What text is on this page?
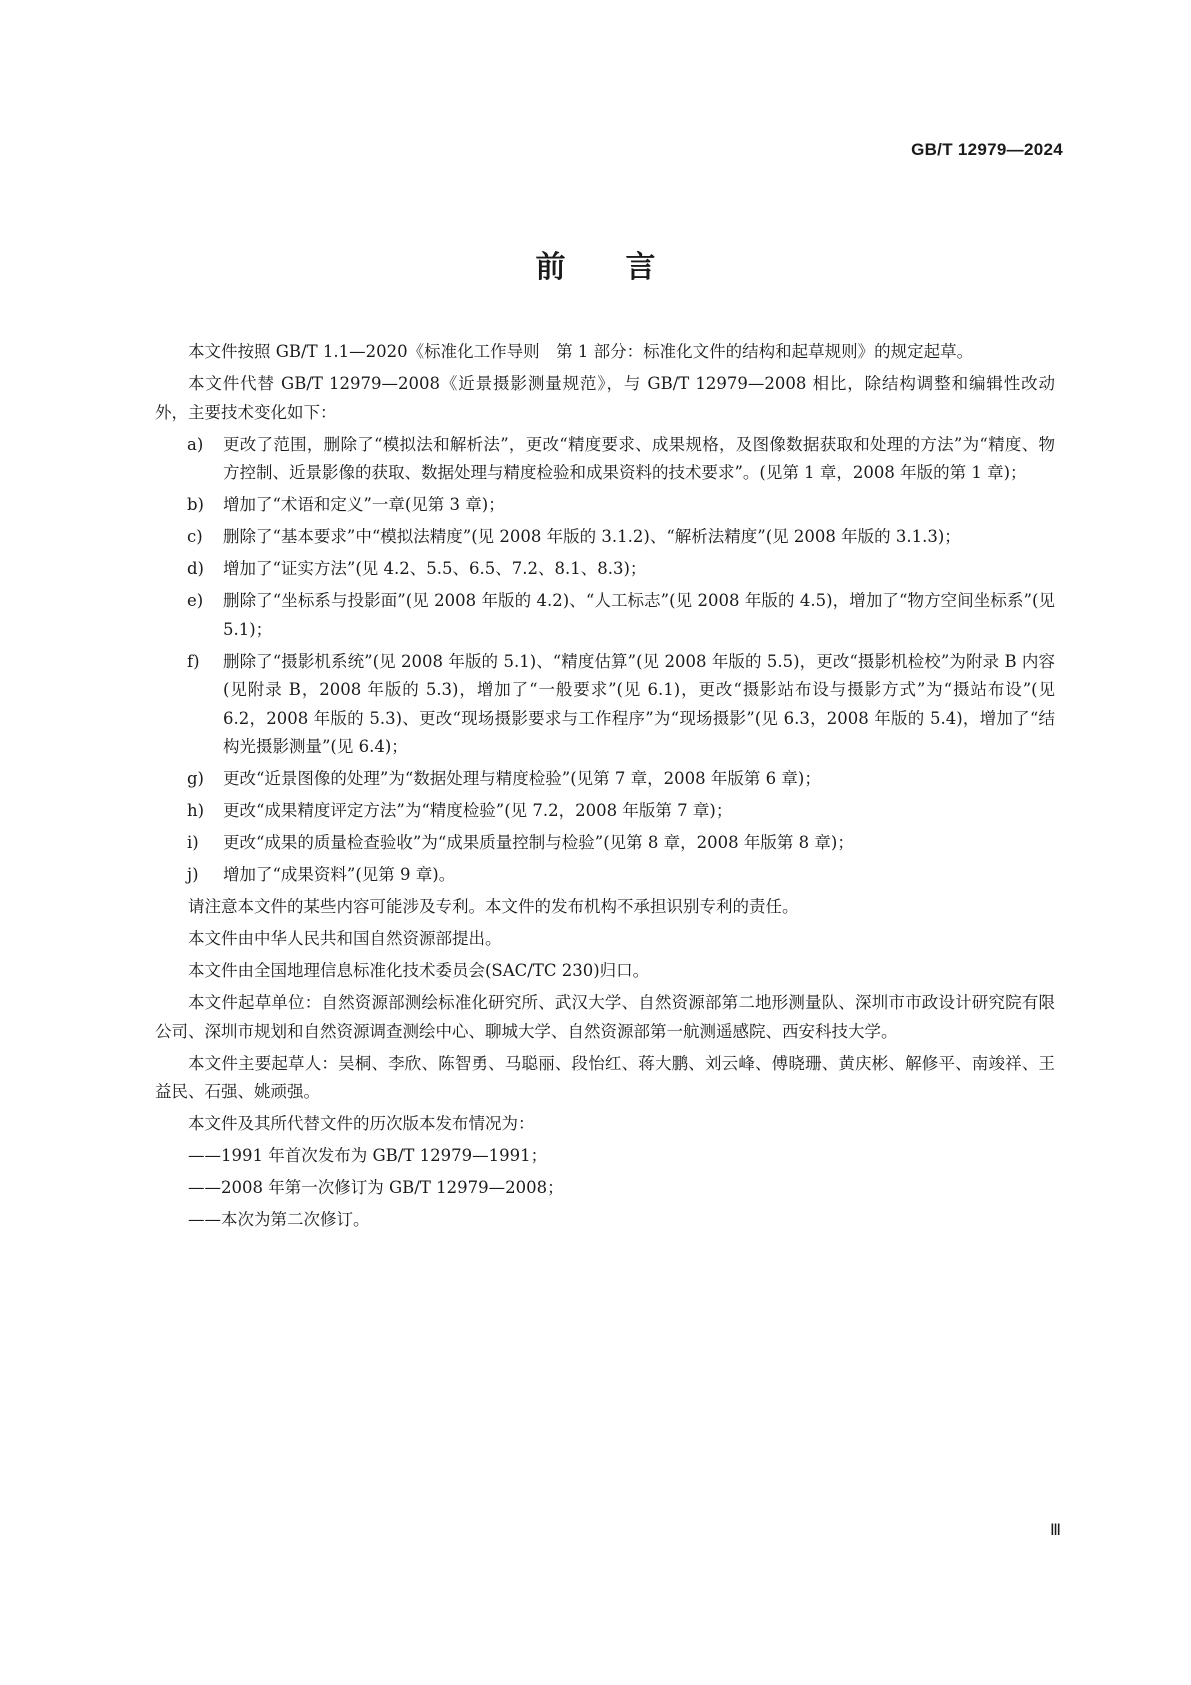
GB/T 12979—2024
前言

本文件按照 GB/T 1.1—2020《标准化工作导则　第 1 部分：标准化文件的结构和起草规则》的规定起草。

本文件代替 GB/T 12979—2008《近景摄影测量规范》，与 GB/T 12979—2008 相比，除结构调整和编辑性改动外，主要技术变化如下：

a)	更改了范围，删除了“模拟法和解析法”，更改“精度要求、成果规格，及图像数据获取和处理的方法”为“精度、物方控制、近景影像的获取、数据处理与精度检验和成果资料的技术要求”。(见第 1 章，2008 年版的第 1 章)；
b)	增加了“术语和定义”一章(见第 3 章)；
c)	删除了“基本要求”中“模拟法精度”(见 2008 年版的 3.1.2)、“解析法精度”(见 2008 年版的 3.1.3)；
d)	增加了“证实方法”(见 4.2、5.5、6.5、7.2、8.1、8.3)；
e)	删除了“坐标系与投影面”(见 2008 年版的 4.2)、“人工标志”(见 2008 年版的 4.5)，增加了“物方空间坐标系”(见 5.1)；
f)	删除了“摄影机系统”(见 2008 年版的 5.1)、“精度估算”(见 2008 年版的 5.5)，更改“摄影机检校”为附录 B 内容(见附录 B，2008 年版的 5.3)，增加了“一般要求”(见 6.1)，更改“摄影站布设与摄影方式”为“摄站布设”(见 6.2，2008 年版的 5.3)、更改“现场摄影要求与工作程序”为“现场摄影”(见 6.3，2008 年版的 5.4)，增加了“结构光摄影测量”(见 6.4)；
g)	更改“近景图像的处理”为“数据处理与精度检验”(见第 7 章，2008 年版第 6 章)；
h)	更改“成果精度评定方法”为“精度检验”(见 7.2，2008 年版第 7 章)；
i)	更改“成果的质量检查验收”为“成果质量控制与检验”(见第 8 章，2008 年版第 8 章)；
j)	增加了“成果资料”(见第 9 章)。

请注意本文件的某些内容可能涉及专利。本文件的发布机构不承担识别专利的责任。

本文件由中华人民共和国自然资源部提出。

本文件由全国地理信息标准化技术委员会(SAC/TC 230)归口。

本文件起草单位：自然资源部测绘标准化研究所、武汉大学、自然资源部第二地形测量队、深圳市市政设计研究院有限公司、深圳市规划和自然资源调查测绘中心、聊城大学、自然资源部第一航测遥感院、西安科技大学。

本文件主要起草人：吴桐、李欣、陈智勇、马聪丽、段怡红、蒋大鹏、刘云峰、傅晓珊、黄庆彬、解修平、南竣祥、王益民、石强、姚顽强。

本文件及其所代替文件的历次版本发布情况为：

——1991 年首次发布为 GB/T 12979—1991；
——2008 年第一次修订为 GB/T 12979—2008；
——本次为第二次修订。
Ⅲ
